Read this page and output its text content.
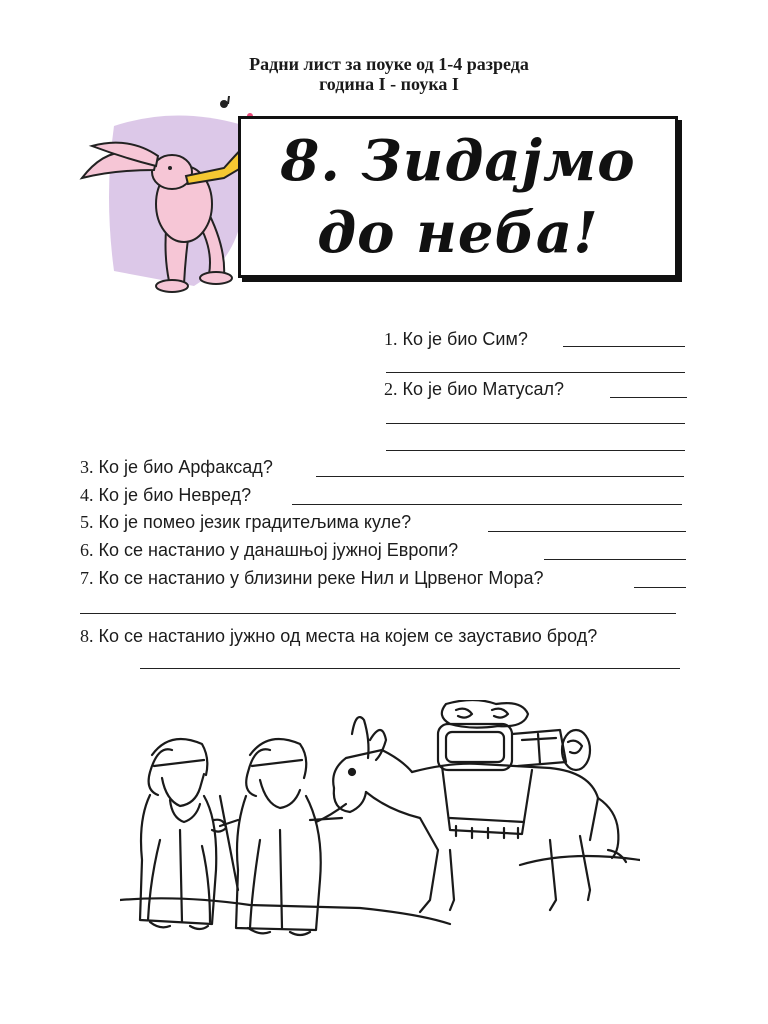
Радни лист за поуке од 1-4 разреда
година I - поука I
8. Зидајмо
до неба!
1. Ко је био Сим?
2. Ко је био Матусал?
3. Ко је био Арфаксад?
4. Ко је био Невред?
5. Ко је помео језик градитељима куле?
6. Ко се настанио у данашњој јужној Европи?
7. Ко се настанио у близини реке Нил и Црвеног Мора?
8. Ко се настанио јужно од места на којем се зауставио брод?
